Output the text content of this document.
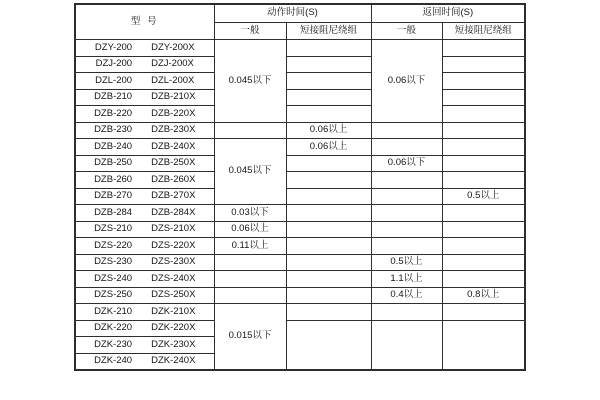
型 号	动作时间(S)		返回时间(S)	
	一般	短接阻尼绕组	一般	短接阻尼绕组

DZY-200 DZY-200X	0.045以下		0.06以下	

DZJ-200 DZJ-200X				

DZL-200 DZL-200X				

DZB-210 DZB-210X				

DZB-220 DZB-220X				

DZB-230 DZB-230X		0.06以上		

DZB-240 DZB-240X	0.045以下	0.06以上		

DZB-250 DZB-250X			0.06以下	

DZB-260 DZB-260X				

DZB-270 DZB-270X				0.5以上

DZB-284 DZB-284X	0.03以下			

DZS-210 DZS-210X	0.06以上			

DZS-220 DZS-220X	0.11以上			

DZS-230 DZS-230X			0.5以上	

DZS-240 DZS-240X			1.1以上	

DZS-250 DZS-250X			0.4以上	0.8以上

DZK-210 DZK-210X	0.015以下			

DZK-220 DZK-220X				

DZK-230 DZK-230X				

DZK-240 DZK-240X				
